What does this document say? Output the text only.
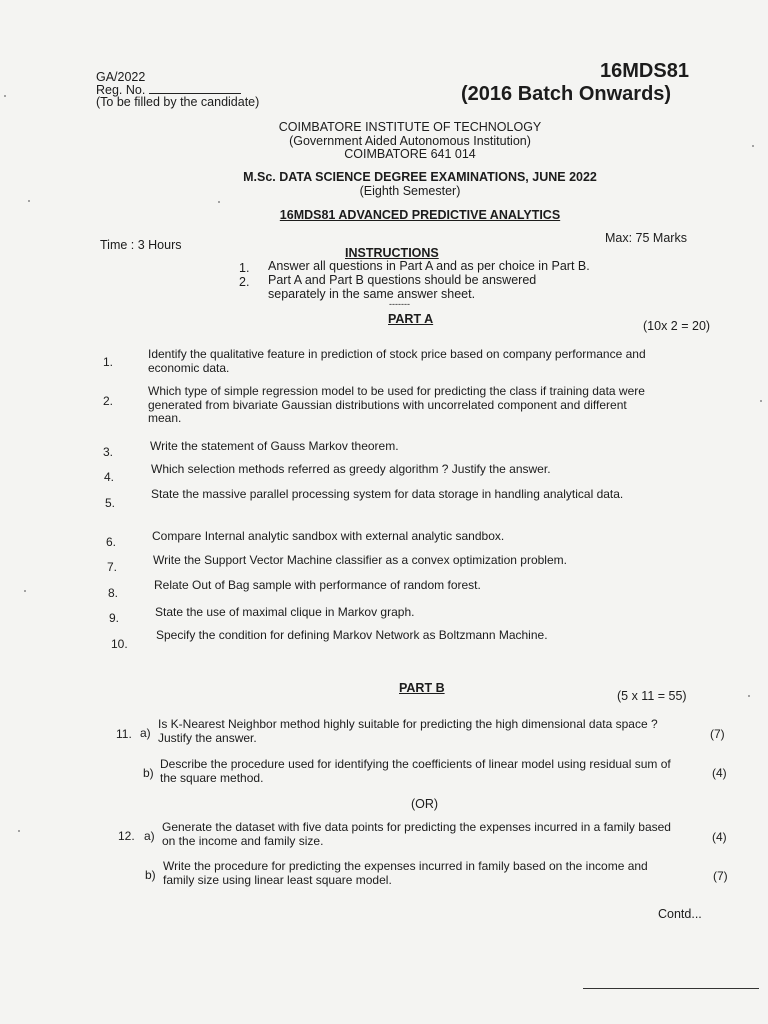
GA/2022
Reg. No.
(To be filled by the candidate)
16MDS81
(2016 Batch Onwards)
COIMBATORE INSTITUTE OF TECHNOLOGY
(Government Aided Autonomous Institution)
COIMBATORE 641 014
M.Sc. DATA SCIENCE DEGREE EXAMINATIONS, JUNE 2022
(Eighth Semester)
16MDS81 ADVANCED PREDICTIVE ANALYTICS
Time : 3 Hours	Max: 75 Marks
INSTRUCTIONS
1. Answer all questions in Part A and as per choice in Part B.
2. Part A and Part B questions should be answered
separately in the same answer sheet.
-------
PART A	(10x 2 = 20)
1.
Identify the qualitative feature in prediction of stock price based on company performance and economic data.
2.
Which type of simple regression model to be used for predicting the class if training data were generated from bivariate Gaussian distributions with uncorrelated component and different mean.
3.	Write the statement of Gauss Markov theorem.
4.
Which selection methods referred as greedy algorithm ? Justify the answer.
5.
State the massive parallel processing system for data storage in handling analytical data.
6.	Compare Internal analytic sandbox with external analytic sandbox.
7.	Write the Support Vector Machine classifier as a convex optimization problem.
8.
Relate Out of Bag sample with performance of random forest.
9.	State the use of maximal clique in Markov graph.
10.
Specify the condition for defining Markov Network as Boltzmann Machine.
PART B
(5 x 11 = 55)
11. a)
Is K-Nearest Neighbor method highly suitable for predicting the high dimensional data space ? Justify the answer.	(7)
b)
Describe the procedure used for identifying the coefficients of linear model using residual sum of the square method.	(4)
(OR)
12. a)
Generate the dataset with five data points for predicting the expenses incurred in a family based on the income and family size.	(4)
b)
Write the procedure for predicting the expenses incurred in family based on the income and family size using linear least square model.	(7)
Contd...
